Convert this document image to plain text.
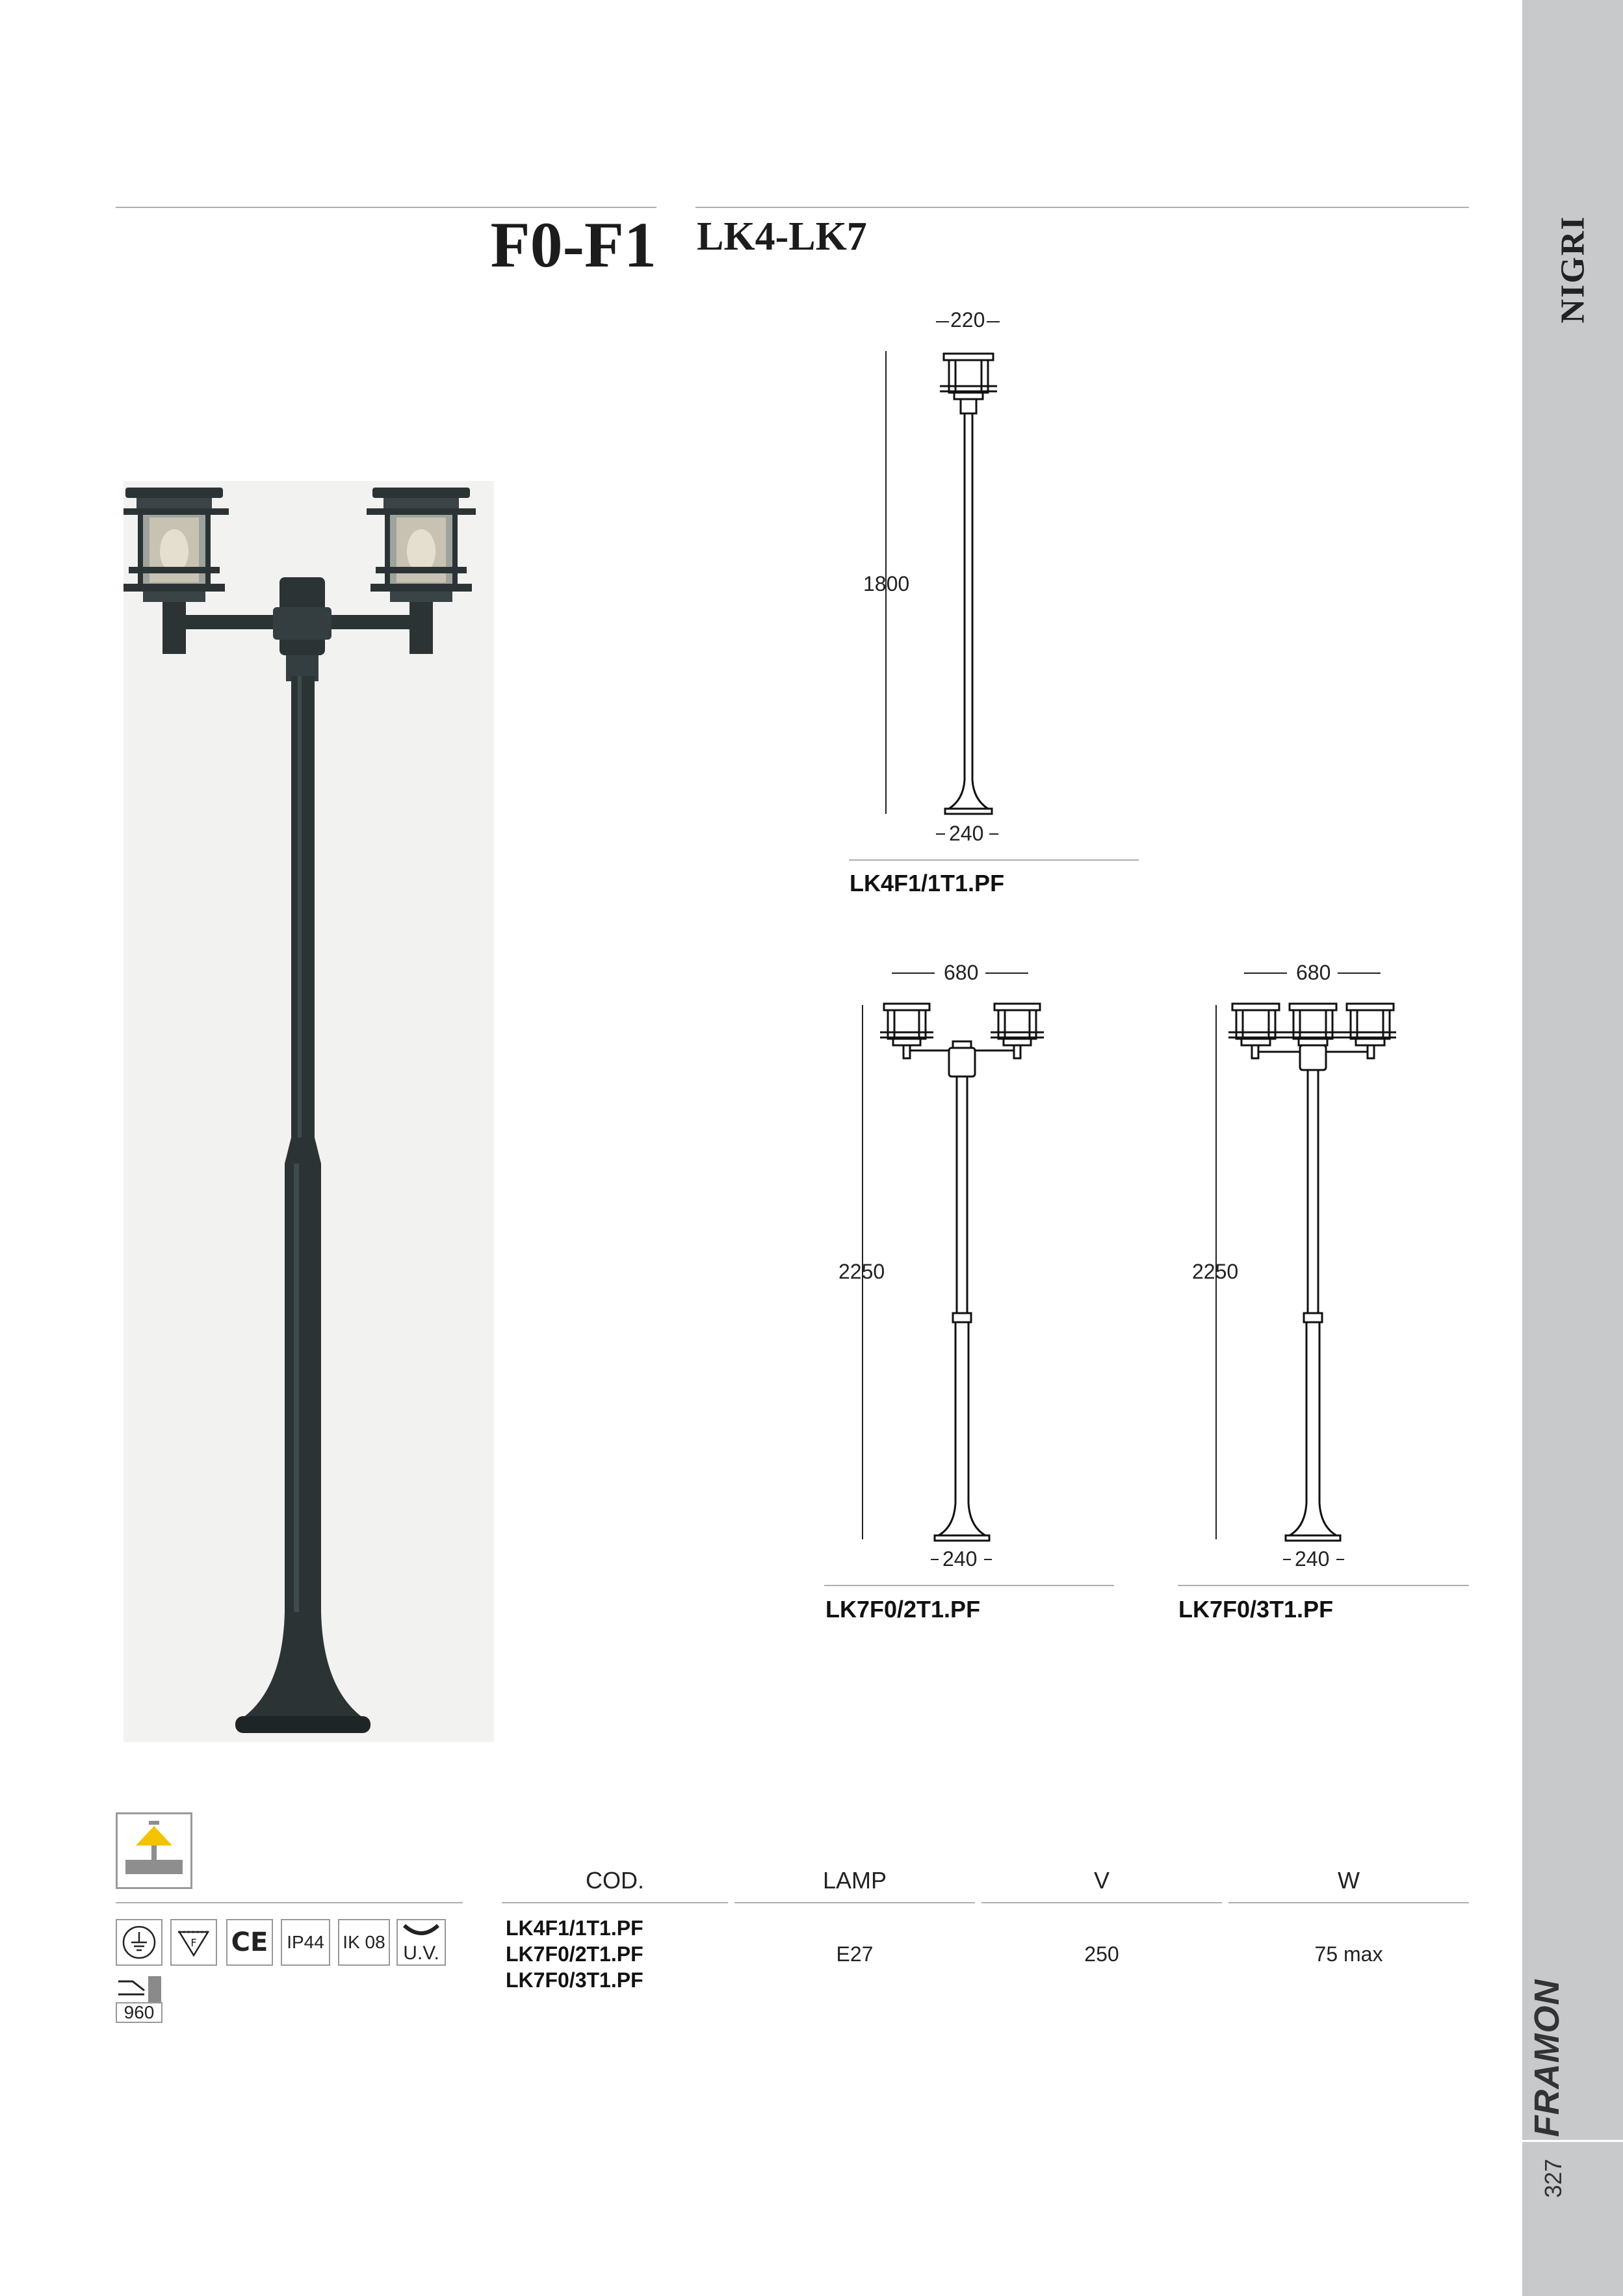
NIGRI
FRAMON
327
F0-F1 LK4-LK7
220
1800
240
LK4F1/1T1.PF
680
2250
240
LK7F0/2T1.PF
680
2250
240
LK7F0/3T1.PF
F CE	IP44	IK 08
U.V.
960
COD.	LAMP	V	W
LK4F1/1T1.PF
LK7F0/2T1.PF
LK7F0/3T1.PF
E27	250	75 max
